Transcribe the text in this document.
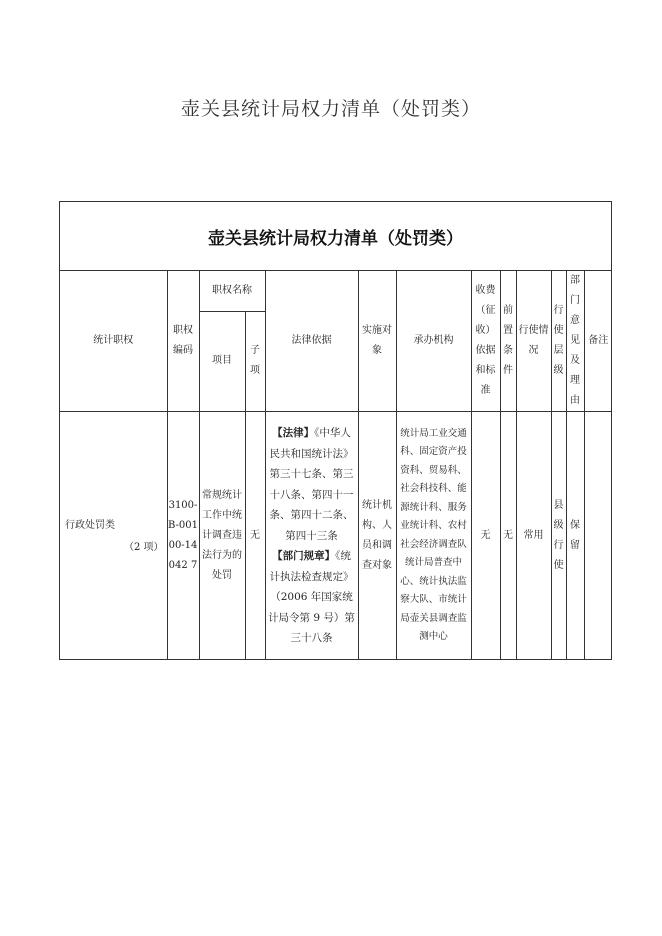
壶关县统计局权力清单（处罚类）
壶关县统计局权力清单（处罚类）
统计职权	职权编码	职权名称		法律依据	实施对象	承办机构	收费（征收）依据和标准	前置条件	行使情况	行使层级	部门意见及理由	备注
		项目	子项									

行政处罚类
（2 项）	3100-B-00100-14042 7	常规统计工作中统计调查违法行为的处罚	无	【法律】《中华人民共和国统计法》第三十七条、第三十八条、第四十一条、第四十二条、第四十三条
【部门规章】《统计执法检查规定》（2006 年国家统计局令第 9 号）第三十八条	统计机构、人员和调查对象	统计局工业交通科、固定资产投资科、贸易科、社会科技科、能源统计科、服务业统计科、农村社会经济调查队统计局普查中心、统计执法监察大队、市统计局壶关县调查监测中心	无	无	常用	县级行使	保留	
